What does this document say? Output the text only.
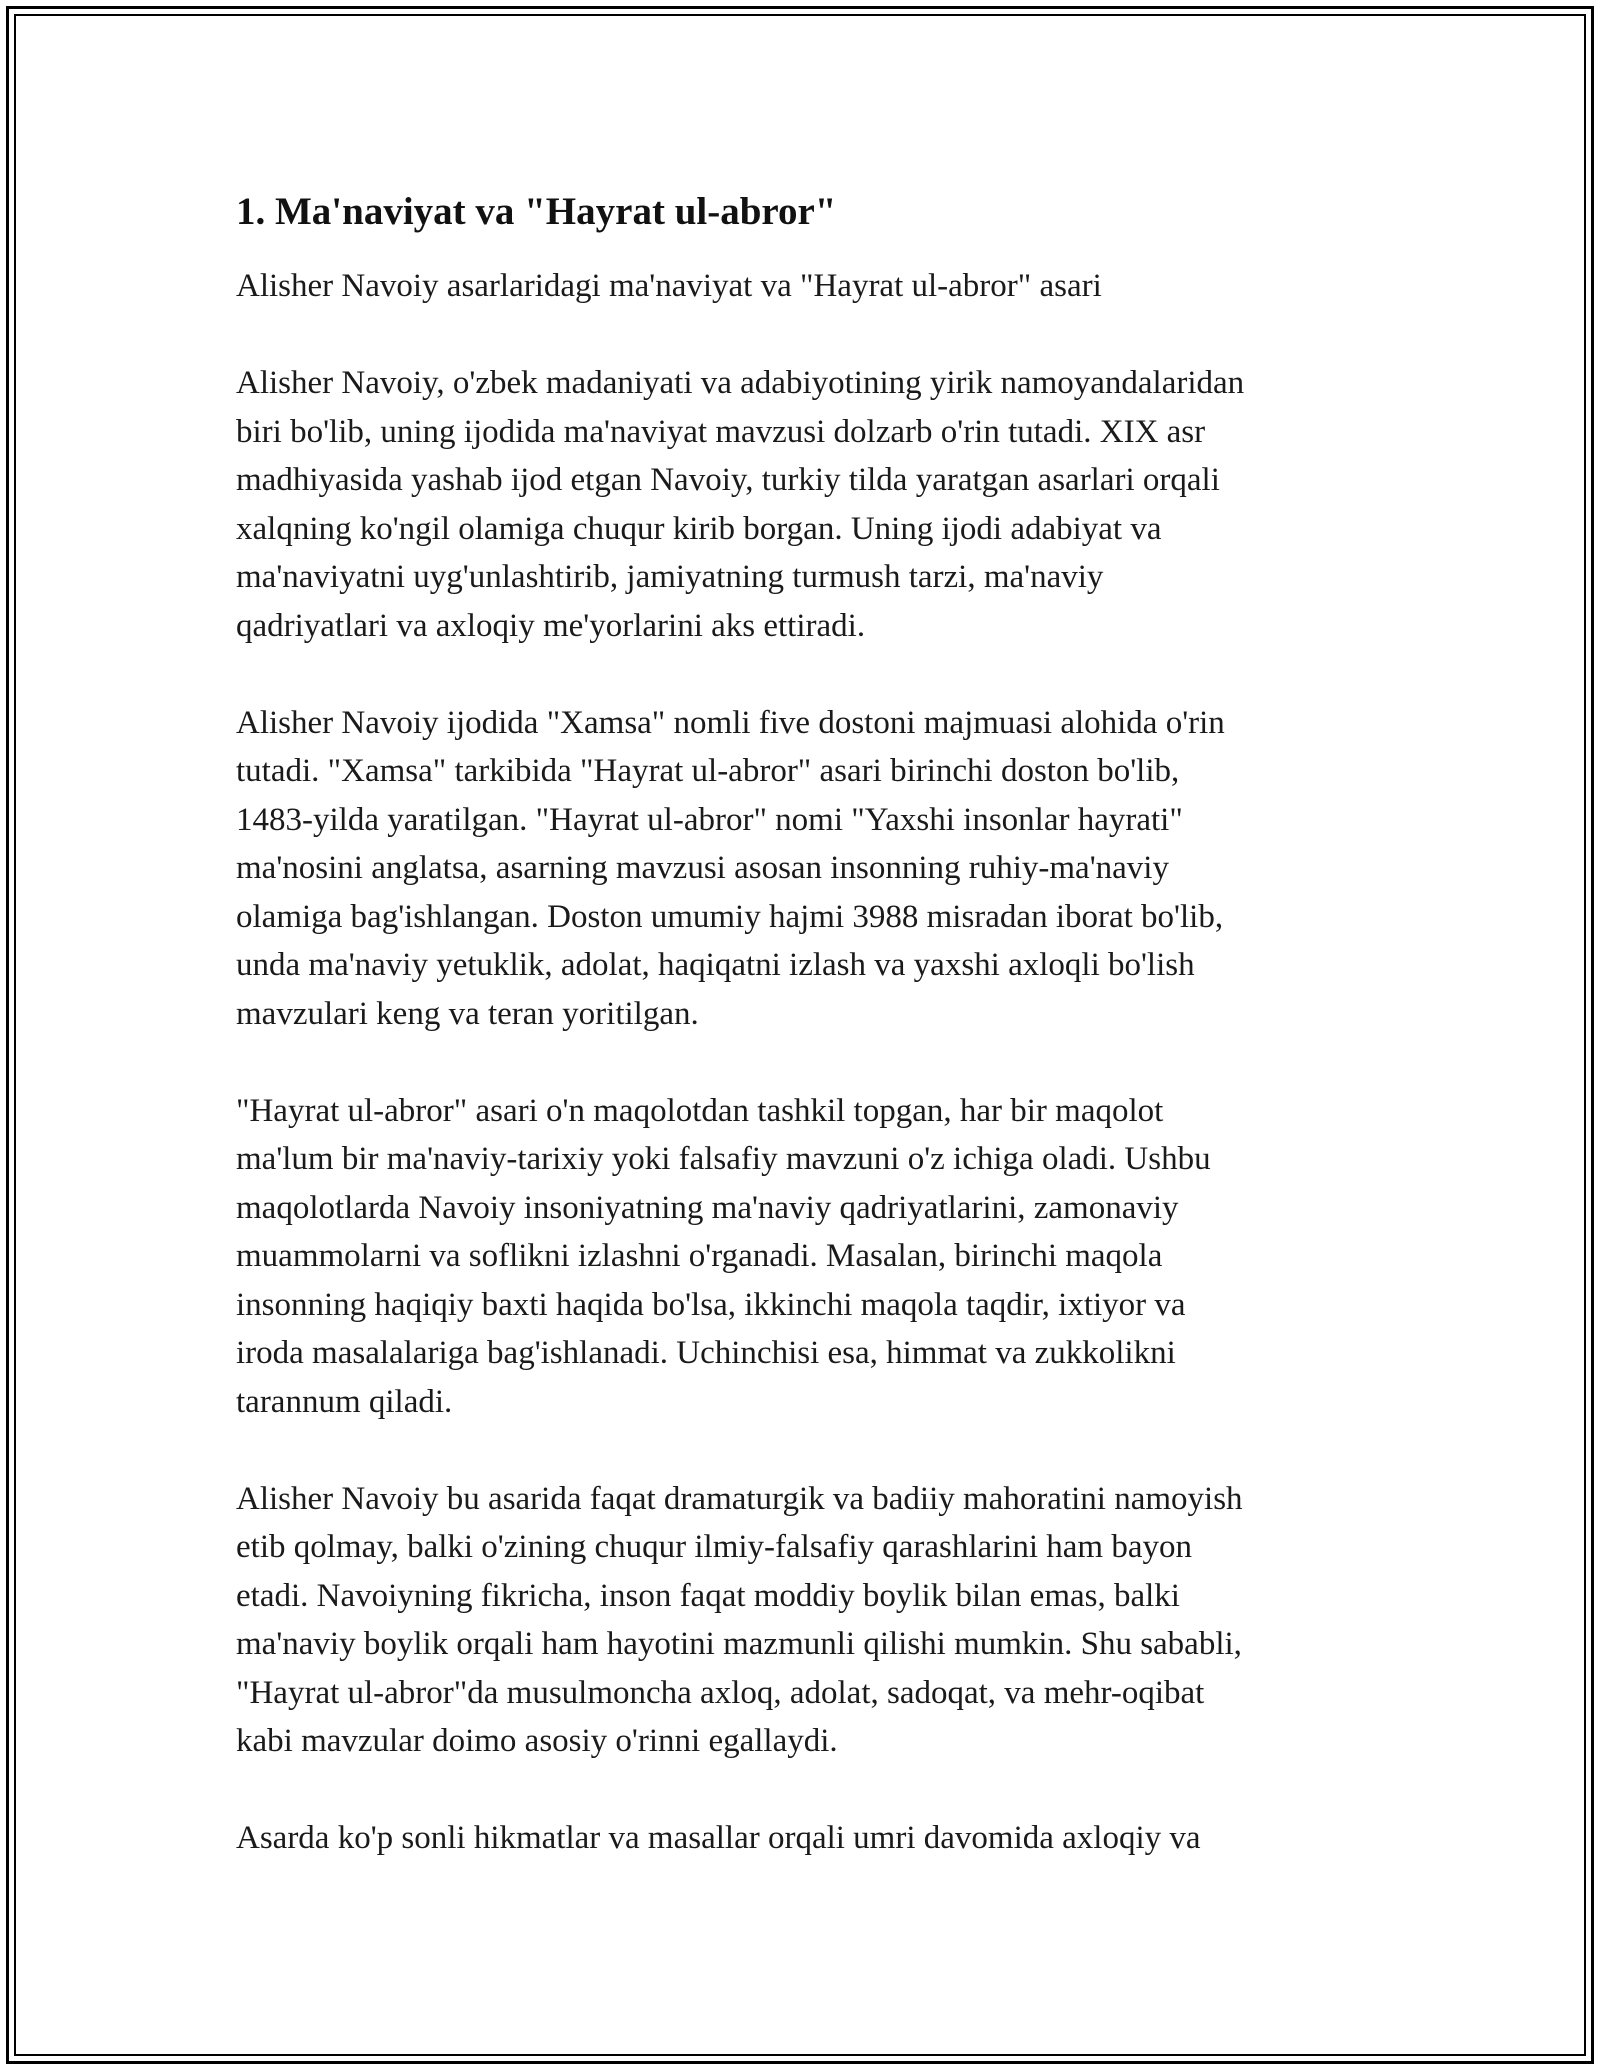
1. Ma'naviyat va "Hayrat ul-abror"

Alisher Navoiy asarlaridagi ma'naviyat va "Hayrat ul-abror" asari

Alisher Navoiy, o'zbek madaniyati va adabiyotining yirik namoyandalaridan
biri bo'lib, uning ijodida ma'naviyat mavzusi dolzarb o'rin tutadi. XIX asr
madhiyasida yashab ijod etgan Navoiy, turkiy tilda yaratgan asarlari orqali
xalqning ko'ngil olamiga chuqur kirib borgan. Uning ijodi adabiyat va
ma'naviyatni uyg'unlashtirib, jamiyatning turmush tarzi, ma'naviy
qadriyatlari va axloqiy me'yorlarini aks ettiradi.

Alisher Navoiy ijodida "Xamsa" nomli five dostoni majmuasi alohida o'rin
tutadi. "Xamsa" tarkibida "Hayrat ul-abror" asari birinchi doston bo'lib,
1483-yilda yaratilgan. "Hayrat ul-abror" nomi "Yaxshi insonlar hayrati"
ma'nosini anglatsa, asarning mavzusi asosan insonning ruhiy-ma'naviy
olamiga bag'ishlangan. Doston umumiy hajmi 3988 misradan iborat bo'lib,
unda ma'naviy yetuklik, adolat, haqiqatni izlash va yaxshi axloqli bo'lish
mavzulari keng va teran yoritilgan.

"Hayrat ul-abror" asari o'n maqolotdan tashkil topgan, har bir maqolot
ma'lum bir ma'naviy-tarixiy yoki falsafiy mavzuni o'z ichiga oladi. Ushbu
maqolotlarda Navoiy insoniyatning ma'naviy qadriyatlarini, zamonaviy
muammolarni va soflikni izlashni o'rganadi. Masalan, birinchi maqola
insonning haqiqiy baxti haqida bo'lsa, ikkinchi maqola taqdir, ixtiyor va
iroda masalalariga bag'ishlanadi. Uchinchisi esa, himmat va zukkolikni
tarannum qiladi.

Alisher Navoiy bu asarida faqat dramaturgik va badiiy mahoratini namoyish
etib qolmay, balki o'zining chuqur ilmiy-falsafiy qarashlarini ham bayon
etadi. Navoiyning fikricha, inson faqat moddiy boylik bilan emas, balki
ma'naviy boylik orqali ham hayotini mazmunli qilishi mumkin. Shu sababli,
"Hayrat ul-abror"da musulmoncha axloq, adolat, sadoqat, va mehr-oqibat
kabi mavzular doimo asosiy o'rinni egallaydi.

Asarda ko'p sonli hikmatlar va masallar orqali umri davomida axloqiy va
